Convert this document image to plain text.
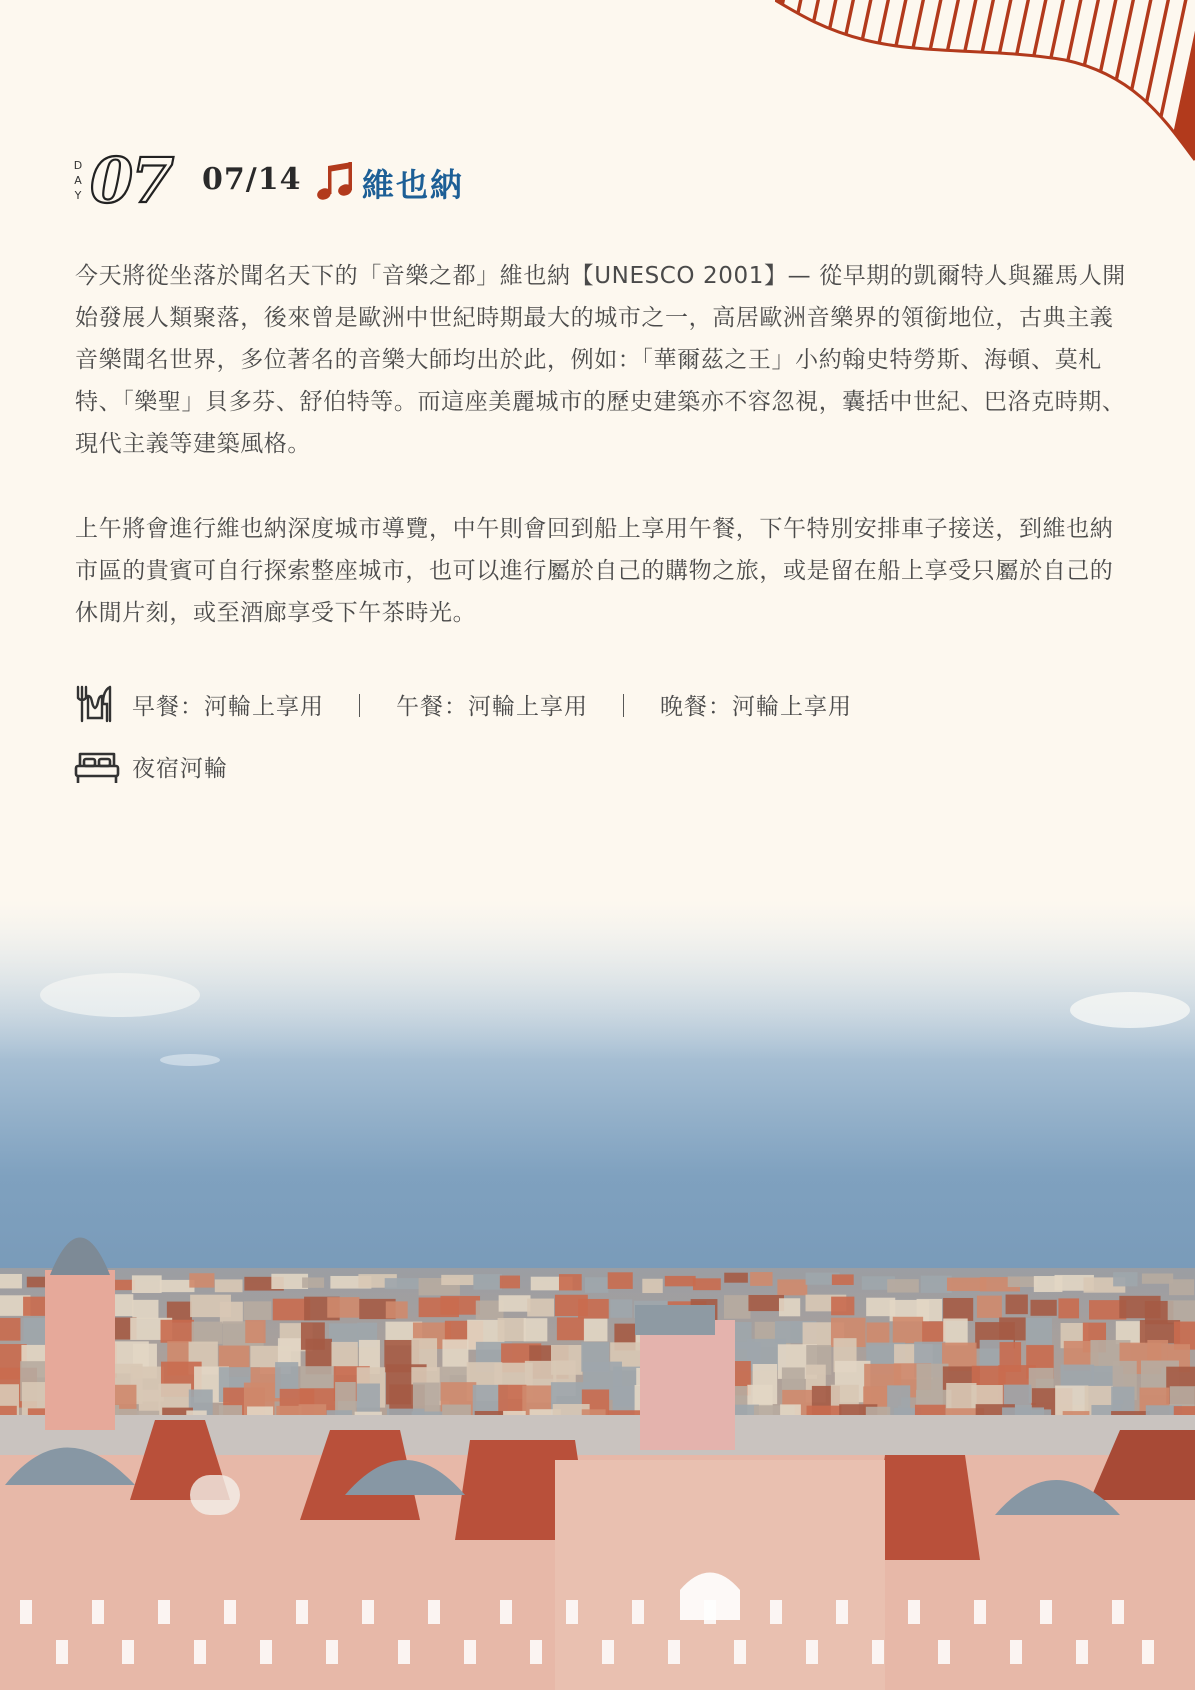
D
A
Y 07 07/14 維也納

今天將從坐落於聞名天下的「音樂之都」維也納【UNESCO 2001】— 從早期的凱爾特人與羅馬人開始發展人類聚落，後來曾是歐洲中世紀時期最大的城市之一，高居歐洲音樂界的領銜地位，古典主義音樂聞名世界，多位著名的音樂大師均出於此，例如：「華爾茲之王」小約翰史特勞斯、海頓、莫札特、「樂聖」貝多芬、舒伯特等。而這座美麗城市的歷史建築亦不容忽視，囊括中世紀、巴洛克時期、現代主義等建築風格。

上午將會進行維也納深度城市導覽，中午則會回到船上享用午餐，下午特別安排車子接送，到維也納市區的貴賓可自行探索整座城市，也可以進行屬於自己的購物之旅，或是留在船上享受只屬於自己的休閒片刻，或至酒廊享受下午茶時光。

早餐：河輪上享用　｜　午餐：河輪上享用　｜　晚餐：河輪上享用
夜宿河輪
